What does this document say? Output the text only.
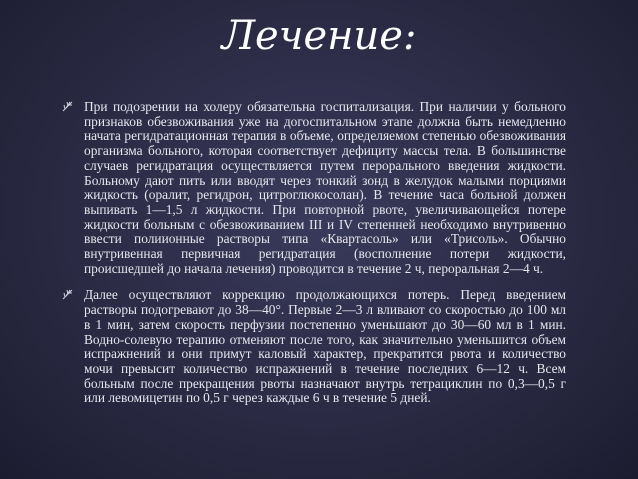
Лечение:
При подозрении на холеру обязательна госпитализация. При наличии у больного признаков обезвоживания уже на догоспитальном этапе должна быть немедленно начата регидратационная терапия в объеме, определяемом степенью обезвоживания организма больного, которая соответствует дефициту массы тела. В большинстве случаев регидратация осуществляется путем перорального введения жидкости. Больному дают пить или вводят через тонкий зонд в желудок малыми порциями жидкость (оралит, регидрон, цитроглюкосолан). В течение часа больной должен выпивать 1—1,5 л жидкости. При повторной рвоте, увеличивающейся потере жидкости больным с обезвоживанием III и IV степенней необходимо внутривенно ввести полиионные растворы типа «Квартасоль» или «Трисоль». Обычно внутривенная первичная регидратация (восполнение потери жидкости, происшедшей до начала лечения) проводится в течение 2 ч, пероральная 2—4 ч.
Далее осуществляют коррекцию продолжающихся потерь. Перед введением растворы подогревают до 38—40°. Первые 2—3 л вливают со скоростью до 100 мл в 1 мин, затем скорость перфузии постепенно уменьшают до 30—60 мл в 1 мин. Водно-солевую терапию отменяют после того, как значительно уменьшится объем испражнений и они примут каловый характер, прекратится рвота и количество мочи превысит количество испражнений в течение последних 6—12 ч. Всем больным после прекращения рвоты назначают внутрь тетрациклин по 0,3—0,5 г или левомицетин по 0,5 г через каждые 6 ч в течение 5 дней.
